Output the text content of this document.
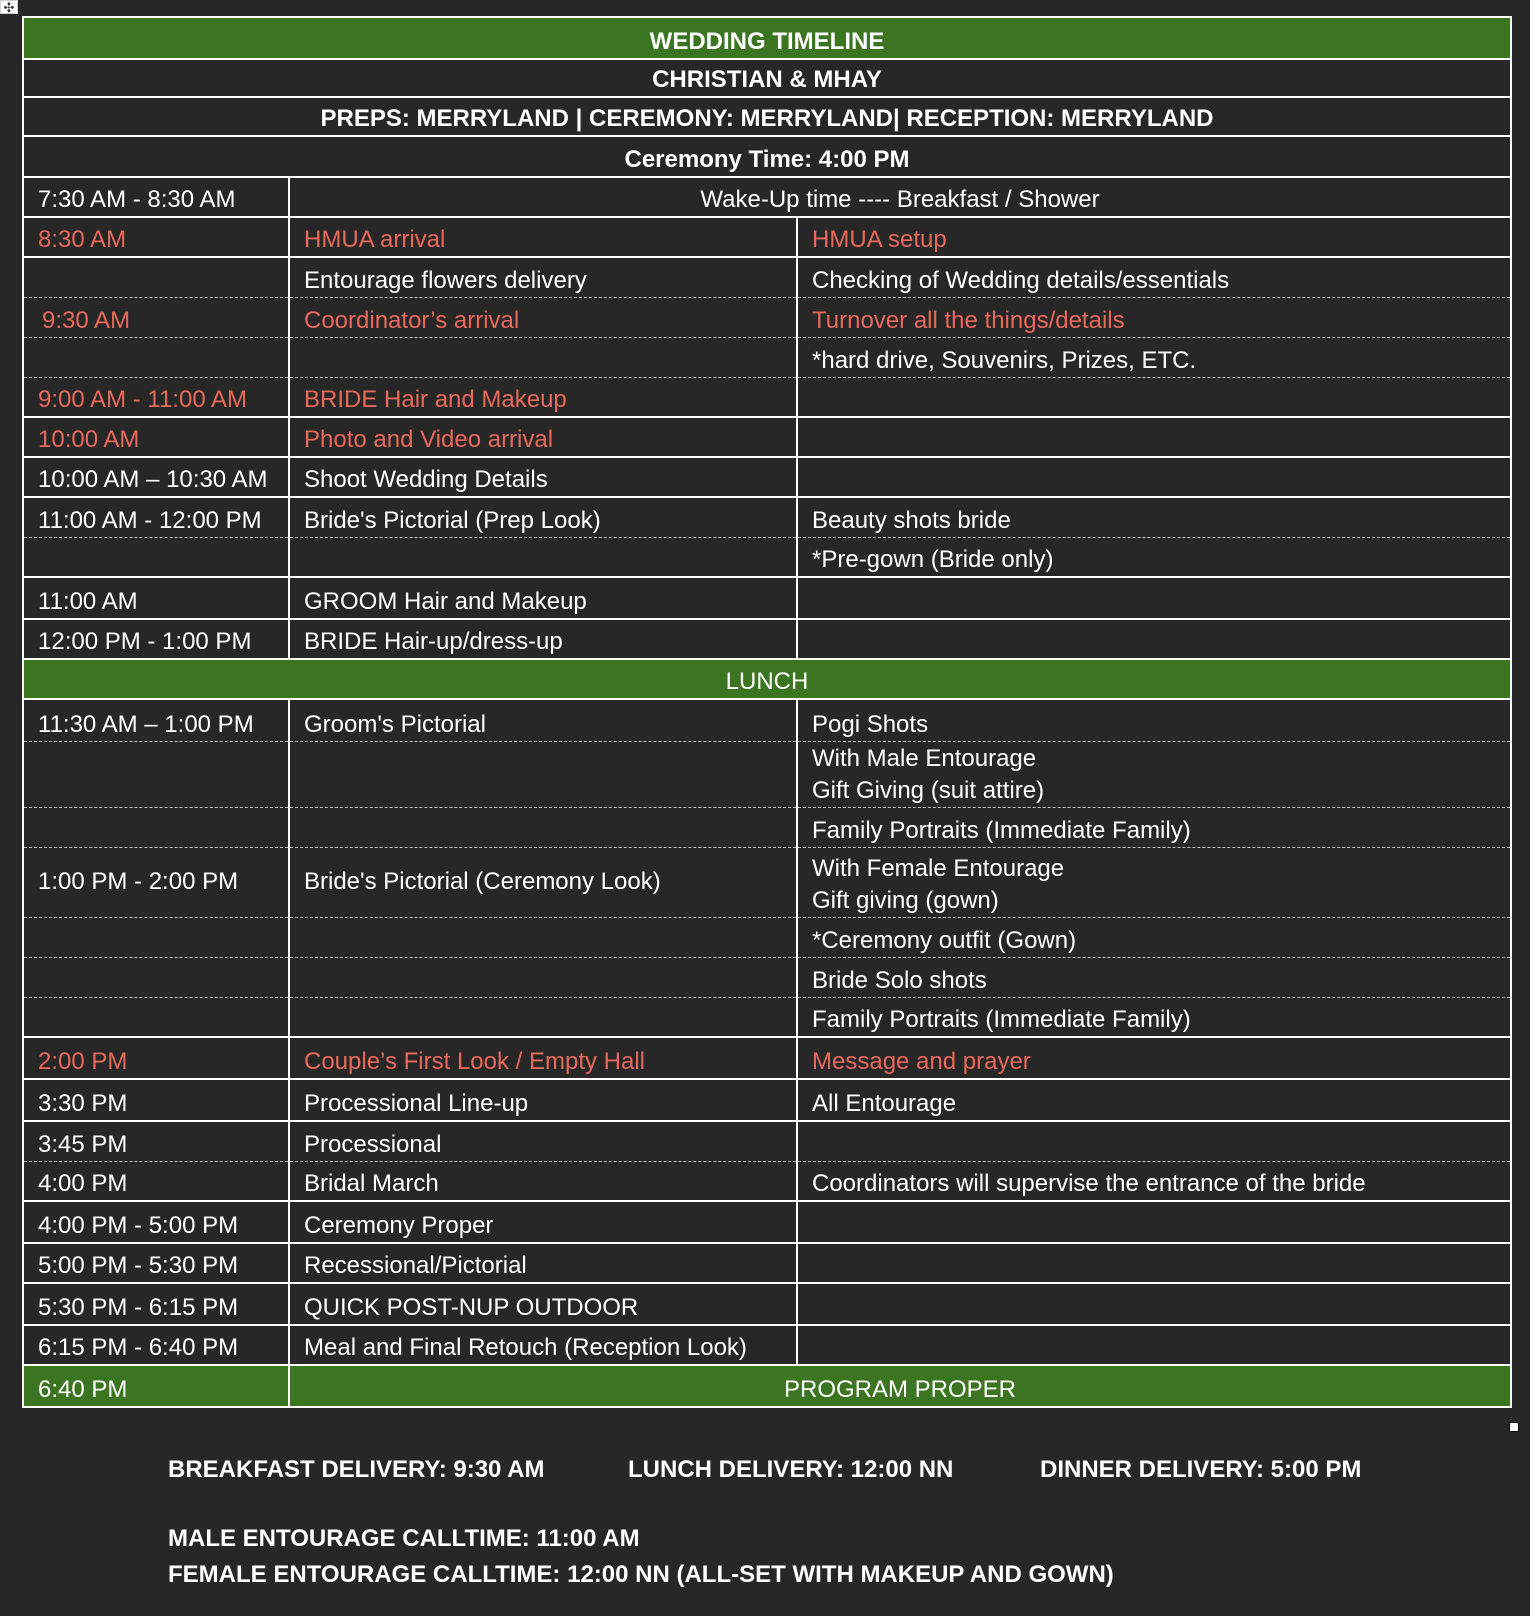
✣
WEDDING TIMELINE		
CHRISTIAN & MHAY		
PREPS: MERRYLAND | CEREMONY: MERRYLAND| RECEPTION: MERRYLAND		
Ceremony Time: 4:00 PM		
7:30 AM - 8:30 AM	Wake-Up time ---- Breakfast / Shower	
8:30 AM	HMUA arrival	HMUA setup
	Entourage flowers delivery	Checking of Wedding details/essentials
9:30 AM	Coordinator’s arrival	Turnover all the things/details
		*hard drive, Souvenirs, Prizes, ETC.
9:00 AM - 11:00 AM	BRIDE Hair and Makeup	
10:00 AM	Photo and Video arrival	
10:00 AM – 10:30 AM	Shoot Wedding Details	
11:00 AM - 12:00 PM	Bride's Pictorial (Prep Look)	Beauty shots bride
		*Pre-gown (Bride only)
11:00 AM	GROOM Hair and Makeup	
12:00 PM - 1:00 PM	BRIDE Hair-up/dress-up	
LUNCH		
11:30 AM – 1:00 PM	Groom's Pictorial	Pogi Shots

		With Male Entourage
Gift Giving (suit attire)

		Family Portraits (Immediate Family)
1:00 PM - 2:00 PM	Bride's Pictorial (Ceremony Look)	With Female Entourage
Gift giving (gown)

		*Ceremony outfit (Gown)
		Bride Solo shots
		Family Portraits (Immediate Family)
2:00 PM	Couple’s First Look / Empty Hall	Message and prayer
3:30 PM	Processional Line-up	All Entourage
3:45 PM	Processional	
4:00 PM	Bridal March	Coordinators will supervise the entrance of the bride
4:00 PM - 5:00 PM	Ceremony Proper	
5:00 PM - 5:30 PM	Recessional/Pictorial	
5:30 PM - 6:15 PM	QUICK POST-NUP OUTDOOR	
6:15 PM - 6:40 PM	Meal and Final Retouch (Reception Look)	
6:40 PM	PROGRAM PROPER	
BREAKFAST DELIVERY: 9:30 AM	LUNCH DELIVERY: 12:00 NN	DINNER DELIVERY: 5:00 PM
MALE ENTOURAGE CALLTIME: 11:00 AM
FEMALE ENTOURAGE CALLTIME: 12:00 NN (ALL-SET WITH MAKEUP AND GOWN)
